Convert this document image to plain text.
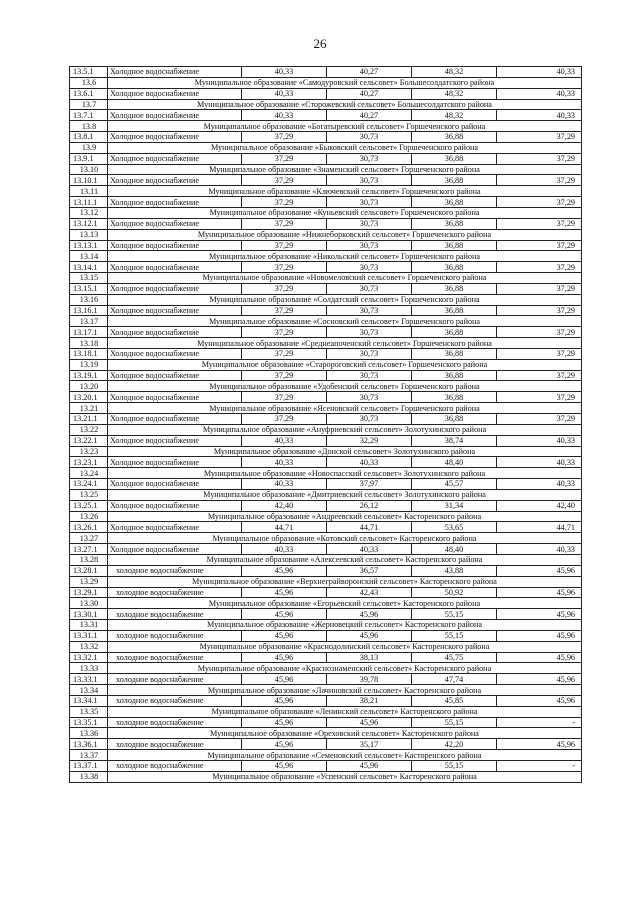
26
13.5.1	Холодное водоснабжение	40,33	40,27	48,32	40,33
13.6	Муниципальное образование «Самодуровский сельсовет» Большесолдатского района				
13.6.1	Холодное водоснабжение	40,33	40,27	48,32	40,33
13.7	Муниципальное образование «Сторожевский сельсовет» Большесолдатского района				
13.7.1	Холодное водоснабжение	40,33	40,27	48,32	40,33
13.8	Муниципальное образование «Богатыревский сельсовет» Горшеченского района				
13.8.1	Холодное водоснабжение	37,29	30,73	36,88	37,29
13.9	Муниципальное образование «Быковский сельсовет» Горшеченского района				
13.9.1	Холодное водоснабжение	37,29	30,73	36,88	37,29
13.10	Муниципальное образование «Знаменский сельсовет» Горшеченского района				
13.10.1	Холодное водоснабжение	37,29	30,73	36,88	37,29
13.11	Муниципальное образование «Ключевский сельсовет» Горшеченского района				
13.11.1	Холодное водоснабжение	37,29	30,73	36,88	37,29
13.12	Муниципальное образование «Куньевский сельсовет» Горшеченского района				
13.12.1	Холодное водоснабжение	37,29	30,73	36,88	37,29
13.13	Муниципальное образование «Нижнеборковский сельсовет» Горшеченского района				
13.13.1	Холодное водоснабжение	37,29	30,73	36,88	37,29
13.14	Муниципальное образование «Никольский сельсовет» Горшеченского района				
13.14.1	Холодное водоснабжение	37,29	30,73	36,88	37,29
13.15	Муниципальное образование «Новомеловский сельсовет» Горшеченского района				
13.15.1	Холодное водоснабжение	37,29	30,73	36,88	37,29
13.16	Муниципальное образование «Солдатский сельсовет» Горшеченского района				
13.16.1	Холодное водоснабжение	37,29	30,73	36,88	37,29
13.17	Муниципальное образование «Сосновский сельсовет» Горшеченского района				
13.17.1	Холодное водоснабжение	37,29	30,73	36,88	37,29
13.18	Муниципальное образование «Среднеапоченский сельсовет» Горшеченского района				
13.18.1	Холодное водоснабжение	37,29	30,73	36,88	37,29
13.19	Муниципальное образование «Старороговский сельсовет» Горшеченского района				
13.19.1	Холодное водоснабжение	37,29	30,73	36,88	37,29
13.20	Муниципальное образование «Удобенский сельсовет» Горшеченского района				
13.20.1	Холодное водоснабжение	37,29	30,73	36,88	37,29
13.21	Муниципальное образование «Ясеновский сельсовет» Горшеченского района				
13.21.1	Холодное водоснабжение	37,29	30,73	36,88	37,29
13.22	Муниципальное образование «Ануфриевский сельсовет» Золотухинского района				
13.22.1	Холодное водоснабжение	40,33	32,29	38,74	40,33
13.23	Муниципальное образование «Донской сельсовет» Золотухинского района				
13.23.1	Холодное водоснабжение	40,33	40,33	48,40	40,33
13.24	Муниципальное образование «Новоспасский сельсовет» Золотухинского района				
13.24.1	Холодное водоснабжение	40,33	37,97	45,57	40,33
13.25	Муниципальное образование «Дмитриевский сельсовет» Золотухинского района				
13.25.1	Холодное водоснабжение	42,40	26,12	31,34	42,40
13.26	Муниципальное образование «Андреевский сельсовет» Касторенского района				
13.26.1	Холодное водоснабжение	44,71	44,71	53,65	44,71
13.27	Муниципальное образование «Котовский сельсовет» Касторенского района				
13.27.1	Холодное водоснабжение	40,33	40,33	48,40	40,33
13.28	Муниципальное образование «Алексеевский сельсовет» Касторенского района				
13.28.1	холодное водоснабжение	45,96	36,57	43,88	45,96
13.29	Муниципальное образование «Верхнеграйворонский сельсовет» Касторенского района				
13.29.1	холодное водоснабжение	45,96	42,43	50,92	45,96
13.30	Муниципальное образование «Егорьевский сельсовет» Касторенского района				
13.30.1	холодное водоснабжение	45,96	45,96	55,15	45,96
13.31	Муниципальное образование «Жерновецкий сельсовет» Касторенского района				
13.31.1	холодное водоснабжение	45,96	45,96	55,15	45,96
13.32	Муниципальное образование «Краснодолинский сельсовет» Касторенского района				
13.32.1	холодное водоснабжение	45,96	38,13	45,75	45,96
13.33	Муниципальное образование «Краснознаменский сельсовет» Касторенского района				
13.33.1	холодное водоснабжение	45,96	39,78	47,74	45,96
13.34	Муниципальное образование «Лачиновский сельсовет» Касторенского района				
13.34.1	холодное водоснабжение	45,96	38,21	45,85	45,96
13.35	Муниципальное образование «Ленинский сельсовет» Касторенского района				
13.35.1	холодное водоснабжение	45,96	45,96	55,15	-
13.36	Муниципальное образование «Ореховский сельсовет» Касторенского района				
13.36.1	холодное водоснабжение	45,96	35,17	42,20	45,96
13.37	Муниципальное образование «Семеновский сельсовет» Касторенского района				
13.37.1	холодное водоснабжение	45,96	45,96	55,15	-
13.38	Муниципальное образование «Успенский сельсовет» Касторенского района				
